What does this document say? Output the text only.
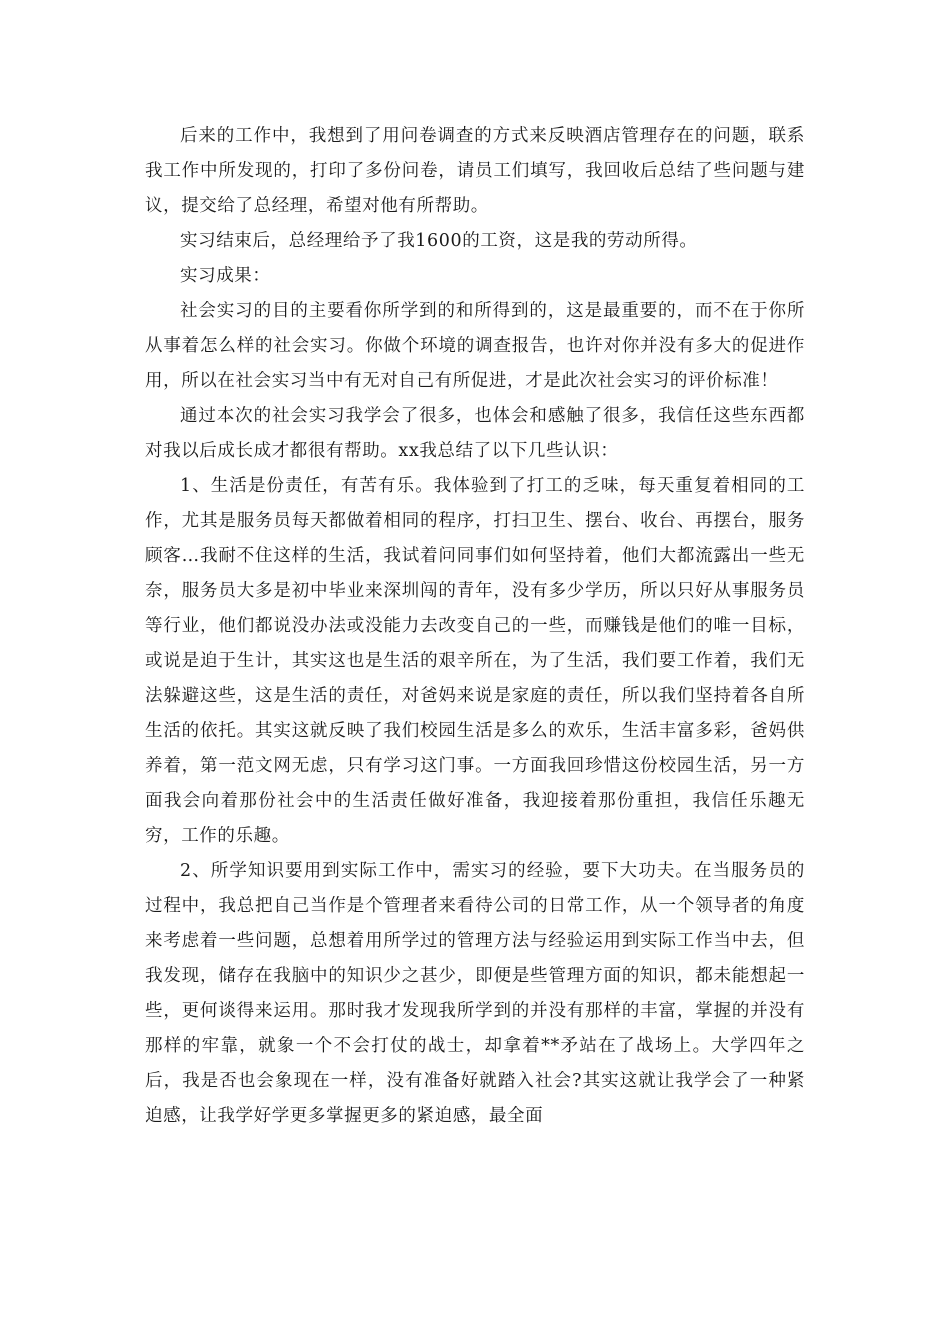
后来的工作中，我想到了用问卷调查的方式来反映酒店管理存在的问题，联系我工作中所发现的，打印了多份问卷，请员工们填写，我回收后总结了些问题与建议，提交给了总经理，希望对他有所帮助。

实习结束后，总经理给予了我1600的工资，这是我的劳动所得。

实习成果：

社会实习的目的主要看你所学到的和所得到的，这是最重要的，而不在于你所从事着怎么样的社会实习。你做个环境的调查报告，也许对你并没有多大的促进作用，所以在社会实习当中有无对自己有所促进，才是此次社会实习的评价标准！

通过本次的社会实习我学会了很多，也体会和感触了很多，我信任这些东西都对我以后成长成才都很有帮助。xx我总结了以下几些认识：

1、生活是份责任，有苦有乐。我体验到了打工的乏味，每天重复着相同的工作，尤其是服务员每天都做着相同的程序，打扫卫生、摆台、收台、再摆台，服务顾客…我耐不住这样的生活，我试着问同事们如何坚持着，他们大都流露出一些无奈，服务员大多是初中毕业来深圳闯的青年，没有多少学历，所以只好从事服务员等行业，他们都说没办法或没能力去改变自己的一些，而赚钱是他们的唯一目标，或说是迫于生计，其实这也是生活的艰辛所在，为了生活，我们要工作着，我们无法躲避这些，这是生活的责任，对爸妈来说是家庭的责任，所以我们坚持着各自所生活的依托。其实这就反映了我们校园生活是多么的欢乐，生活丰富多彩，爸妈供养着，第一范文网无虑，只有学习这门事。一方面我回珍惜这份校园生活，另一方面我会向着那份社会中的生活责任做好准备，我迎接着那份重担，我信任乐趣无穷，工作的乐趣。

2、所学知识要用到实际工作中，需实习的经验，要下大功夫。在当服务员的过程中，我总把自己当作是个管理者来看待公司的日常工作，从一个领导者的角度来考虑着一些问题，总想着用所学过的管理方法与经验运用到实际工作当中去，但我发现，储存在我脑中的知识少之甚少，即便是些管理方面的知识，都未能想起一些，更何谈得来运用。那时我才发现我所学到的并没有那样的丰富，掌握的并没有那样的牢靠，就象一个不会打仗的战士，却拿着**矛站在了战场上。大学四年之后，我是否也会象现在一样，没有准备好就踏入社会?其实这就让我学会了一种紧迫感，让我学好学更多掌握更多的紧迫感，最全面
